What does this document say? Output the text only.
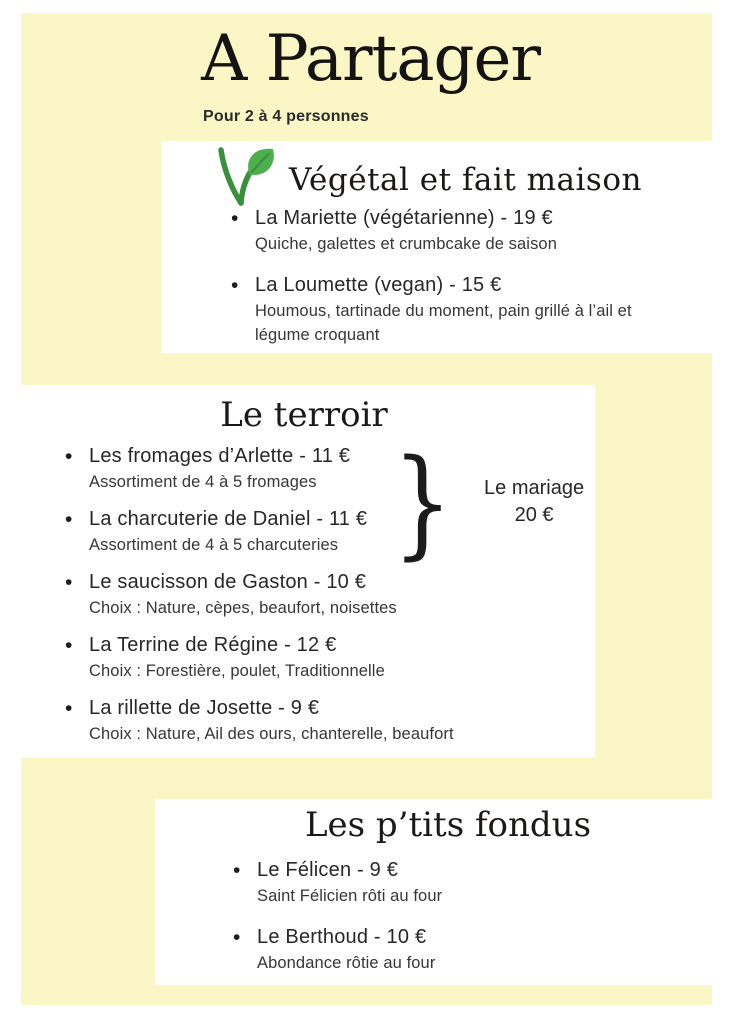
A Partager

Pour 2 à 4 personnes

Végétal et fait maison
•
La Mariette (végétarienne) - 19 €
Quiche, galettes et crumbcake de saison
•
La Loumette (vegan) - 15 €
Houmous, tartinade du moment, pain grillé à l’ail et légume croquant
Le terroir
•
Les fromages d’Arlette - 11 €
Assortiment de 4 à 5 fromages
•
La charcuterie de Daniel - 11 €
Assortiment de 4 à 5 charcuteries
•
Le saucisson de Gaston - 10 €
Choix : Nature, cèpes, beaufort, noisettes
•
La Terrine de Régine - 12 €
Choix : Forestière, poulet, Traditionnelle
•
La rillette de Josette - 9 €
Choix : Nature, Ail des ours, chanterelle, beaufort
}	Le mariage
20 €
Les p’tits fondus
•
Le Félicen - 9 €
Saint Félicien rôti au four
•
Le Berthoud - 10 €
Abondance rôtie au four
